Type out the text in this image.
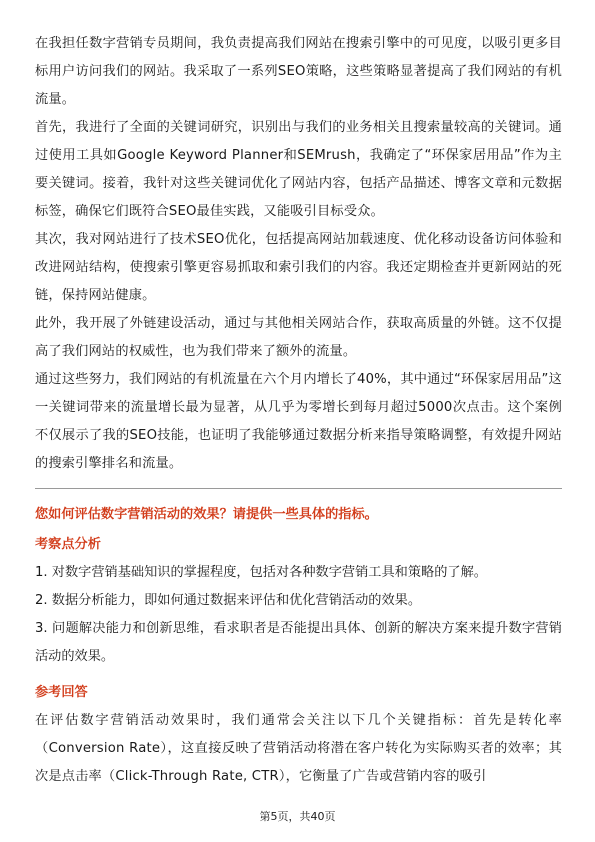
在我担任数字营销专员期间，我负责提高我们网站在搜索引擎中的可见度，以吸引更多目标用户访问我们的网站。我采取了一系列SEO策略，这些策略显著提高了我们网站的有机流量。

首先，我进行了全面的关键词研究，识别出与我们的业务相关且搜索量较高的关键词。通过使用工具如Google Keyword Planner和SEMrush，我确定了“环保家居用品”作为主要关键词。接着，我针对这些关键词优化了网站内容，包括产品描述、博客文章和元数据标签，确保它们既符合SEO最佳实践，又能吸引目标受众。

其次，我对网站进行了技术SEO优化，包括提高网站加载速度、优化移动设备访问体验和改进网站结构，使搜索引擎更容易抓取和索引我们的内容。我还定期检查并更新网站的死链，保持网站健康。

此外，我开展了外链建设活动，通过与其他相关网站合作，获取高质量的外链。这不仅提高了我们网站的权威性，也为我们带来了额外的流量。

通过这些努力，我们网站的有机流量在六个月内增长了40%，其中通过“环保家居用品”这一关键词带来的流量增长最为显著，从几乎为零增长到每月超过5000次点击。这个案例不仅展示了我的SEO技能，也证明了我能够通过数据分析来指导策略调整，有效提升网站的搜索引擎排名和流量。

您如何评估数字营销活动的效果？请提供一些具体的指标。

考察点分析

1. 对数字营销基础知识的掌握程度，包括对各种数字营销工具和策略的了解。

2. 数据分析能力，即如何通过数据来评估和优化营销活动的效果。

3. 问题解决能力和创新思维，看求职者是否能提出具体、创新的解决方案来提升数字营销活动的效果。

参考回答

在评估数字营销活动效果时，我们通常会关注以下几个关键指标：首先是转化率（Conversion Rate），这直接反映了营销活动将潜在客户转化为实际购买者的效率；其次是点击率（Click-Through Rate, CTR），它衡量了广告或营销内容的吸引

第5页，共40页
